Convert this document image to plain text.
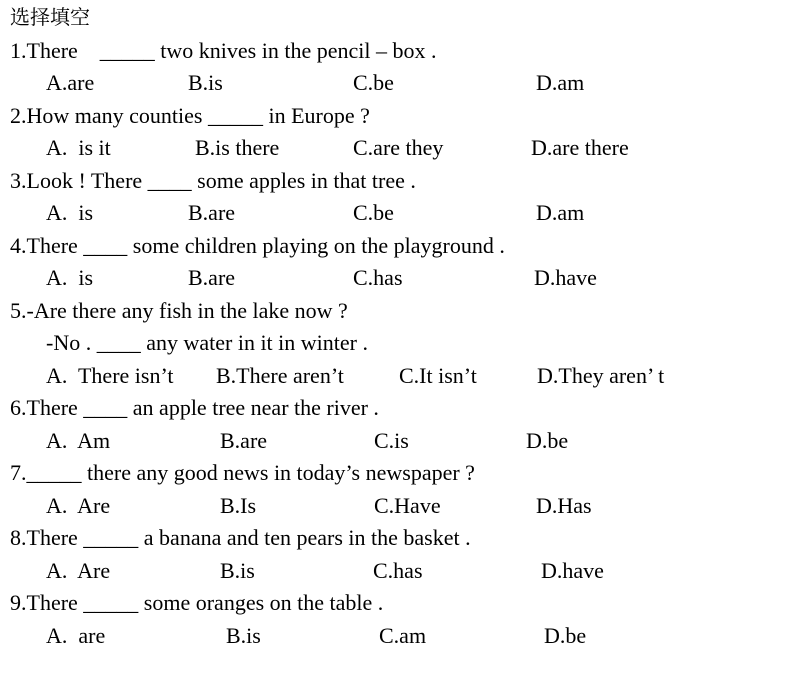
选择填空
1.There    _____ two knives in the pencil – box .
A.are	B.is	C.be	D.am
2.How many counties _____ in Europe ?
A.  is it	B.is there	C.are they	D.are there
3.Look ! There ____ some apples in that tree .
A.  is	B.are	C.be	D.am
4.There ____ some children playing on the playground .
A.  is	B.are	C.has	D.have
5.-Are there any fish in the lake now ?
-No . ____ any water in it in winter .
A.  There isn’t B.There aren’t	C.It isn’t	D.They aren’ t
6.There ____ an apple tree near the river .
A.  Am	B.are	C.is	D.be
7._____ there any good news in today’s newspaper ?
A.  Are	B.Is	C.Have	D.Has
8.There _____ a banana and ten pears in the basket .
A.  Are	B.is	C.has	D.have
9.There _____ some oranges on the table .
A.  are	B.is	C.am	D.be
